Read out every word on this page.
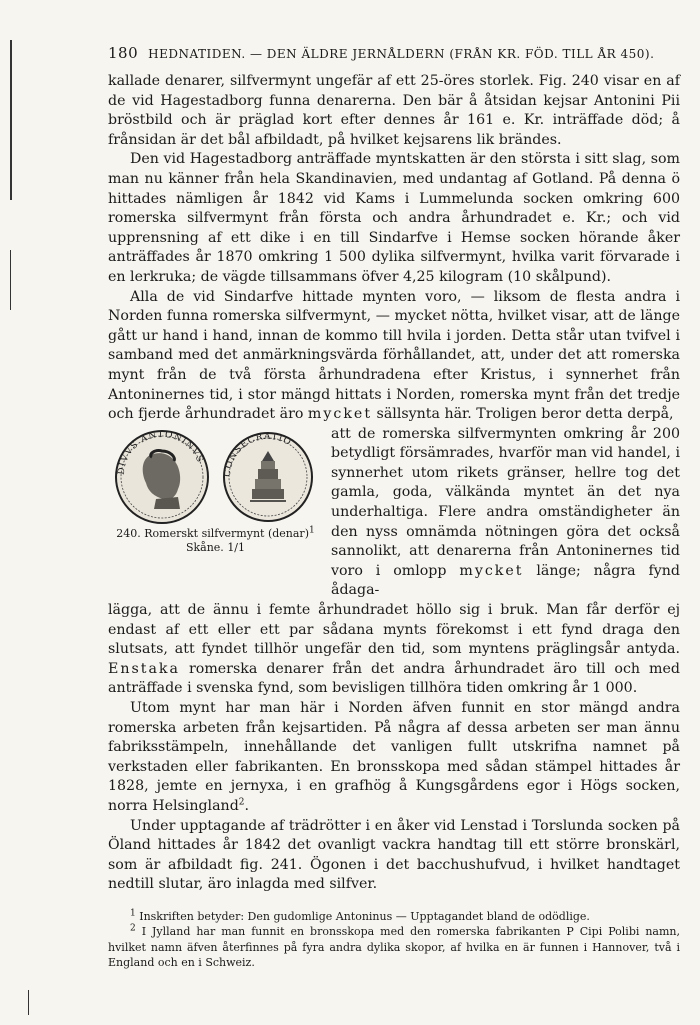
180 HEDNATIDEN. — DEN ÄLDRE JERNÅLDERN (FRÅN KR. FÖD. TILL ÅR 450).

kallade denarer, silfvermynt ungefär af ett 25-öres storlek. Fig. 240 visar en af de vid Hagestadborg funna denarerna. Den bär å åtsidan kejsar Antonini Pii bröstbild och är präglad kort efter dennes år 161 e. Kr. inträffade död; å frånsidan är det bål afbildadt, på hvilket kejsarens lik brändes.

Den vid Hagestadborg anträffade myntskatten är den största i sitt slag, som man nu känner från hela Skandinavien, med undantag af Gotland. På denna ö hittades nämligen år 1842 vid Kams i Lummelunda socken omkring 600 romerska silfvermynt från första och andra århundradet e. Kr.; och vid upprensning af ett dike i en till Sindarfve i Hemse socken hörande åker anträffades år 1870 omkring 1 500 dylika silfvermynt, hvilka varit förvarade i en lerkruka; de vägde tillsammans öfver 4,25 kilogram (10 skålpund).

Alla de vid Sindarfve hittade mynten voro, — liksom de flesta andra i Norden funna romerska silfvermynt, — mycket nötta, hvilket visar, att de länge gått ur hand i hand, innan de kommo till hvila i jorden. Detta står utan tvifvel i samband med det anmärkningsvärda förhållandet, att, under det att romerska mynt från de två första århundradena efter Kristus, i synnerhet från Antoninernes tid, i stor mängd hittats i Norden, romerska mynt från det tredje och fjerde århundradet äro mycket sällsynta här. Troligen beror detta derpå,

DIVVS ANTONINVS
CONSECRATIO
240. Romerskt silfvermynt (denar)$^1$
Skåne. 1/1

att de romerska silfvermynten omkring år 200 betydligt försämrades, hvarför man vid handel, i synnerhet utom rikets gränser, hellre tog det gamla, goda, välkända myntet än det nya underhaltiga. Flere andra omständigheter än den nyss omnämda nötningen göra det också sannolikt, att denarerna från Antoninernes tid voro i omlopp mycket länge; några fynd ådaga-

lägga, att de ännu i femte århundradet höllo sig i bruk. Man får derför ej endast af ett eller ett par sådana mynts förekomst i ett fynd draga den slutsats, att fyndet tillhör ungefär den tid, som myntens präglingsår antyda. Enstaka romerska denarer från det andra århundradet äro till och med anträffade i svenska fynd, som bevisligen tillhöra tiden omkring år 1 000.

Utom mynt har man här i Norden äfven funnit en stor mängd andra romerska arbeten från kejsartiden. På några af dessa arbeten ser man ännu fabriksstämpeln, innehållande det vanligen fullt utskrifna namnet på verkstaden eller fabrikanten. En bronsskopa med sådan stämpel hittades år 1828, jemte en jernyxa, i en grafhög å Kungsgårdens egor i Högs socken, norra Helsingland$^2$.

Under upptagande af trädrötter i en åker vid Lenstad i Torslunda socken på Öland hittades år 1842 det ovanligt vackra handtag till ett större bronskärl, som är afbildadt fig. 241. Ögonen i det bacchushufvud, i hvilket handtaget nedtill slutar, äro inlagda med silfver.

$^1$ Inskriften betyder: Den gudomlige Antoninus — Upptagandet bland de odödlige.

$^2$ I Jylland har man funnit en bronsskopa med den romerska fabrikanten P Cipi Polibi namn, hvilket namn äfven återfinnes på fyra andra dylika skopor, af hvilka en är funnen i Hannover, två i England och en i Schweiz.
